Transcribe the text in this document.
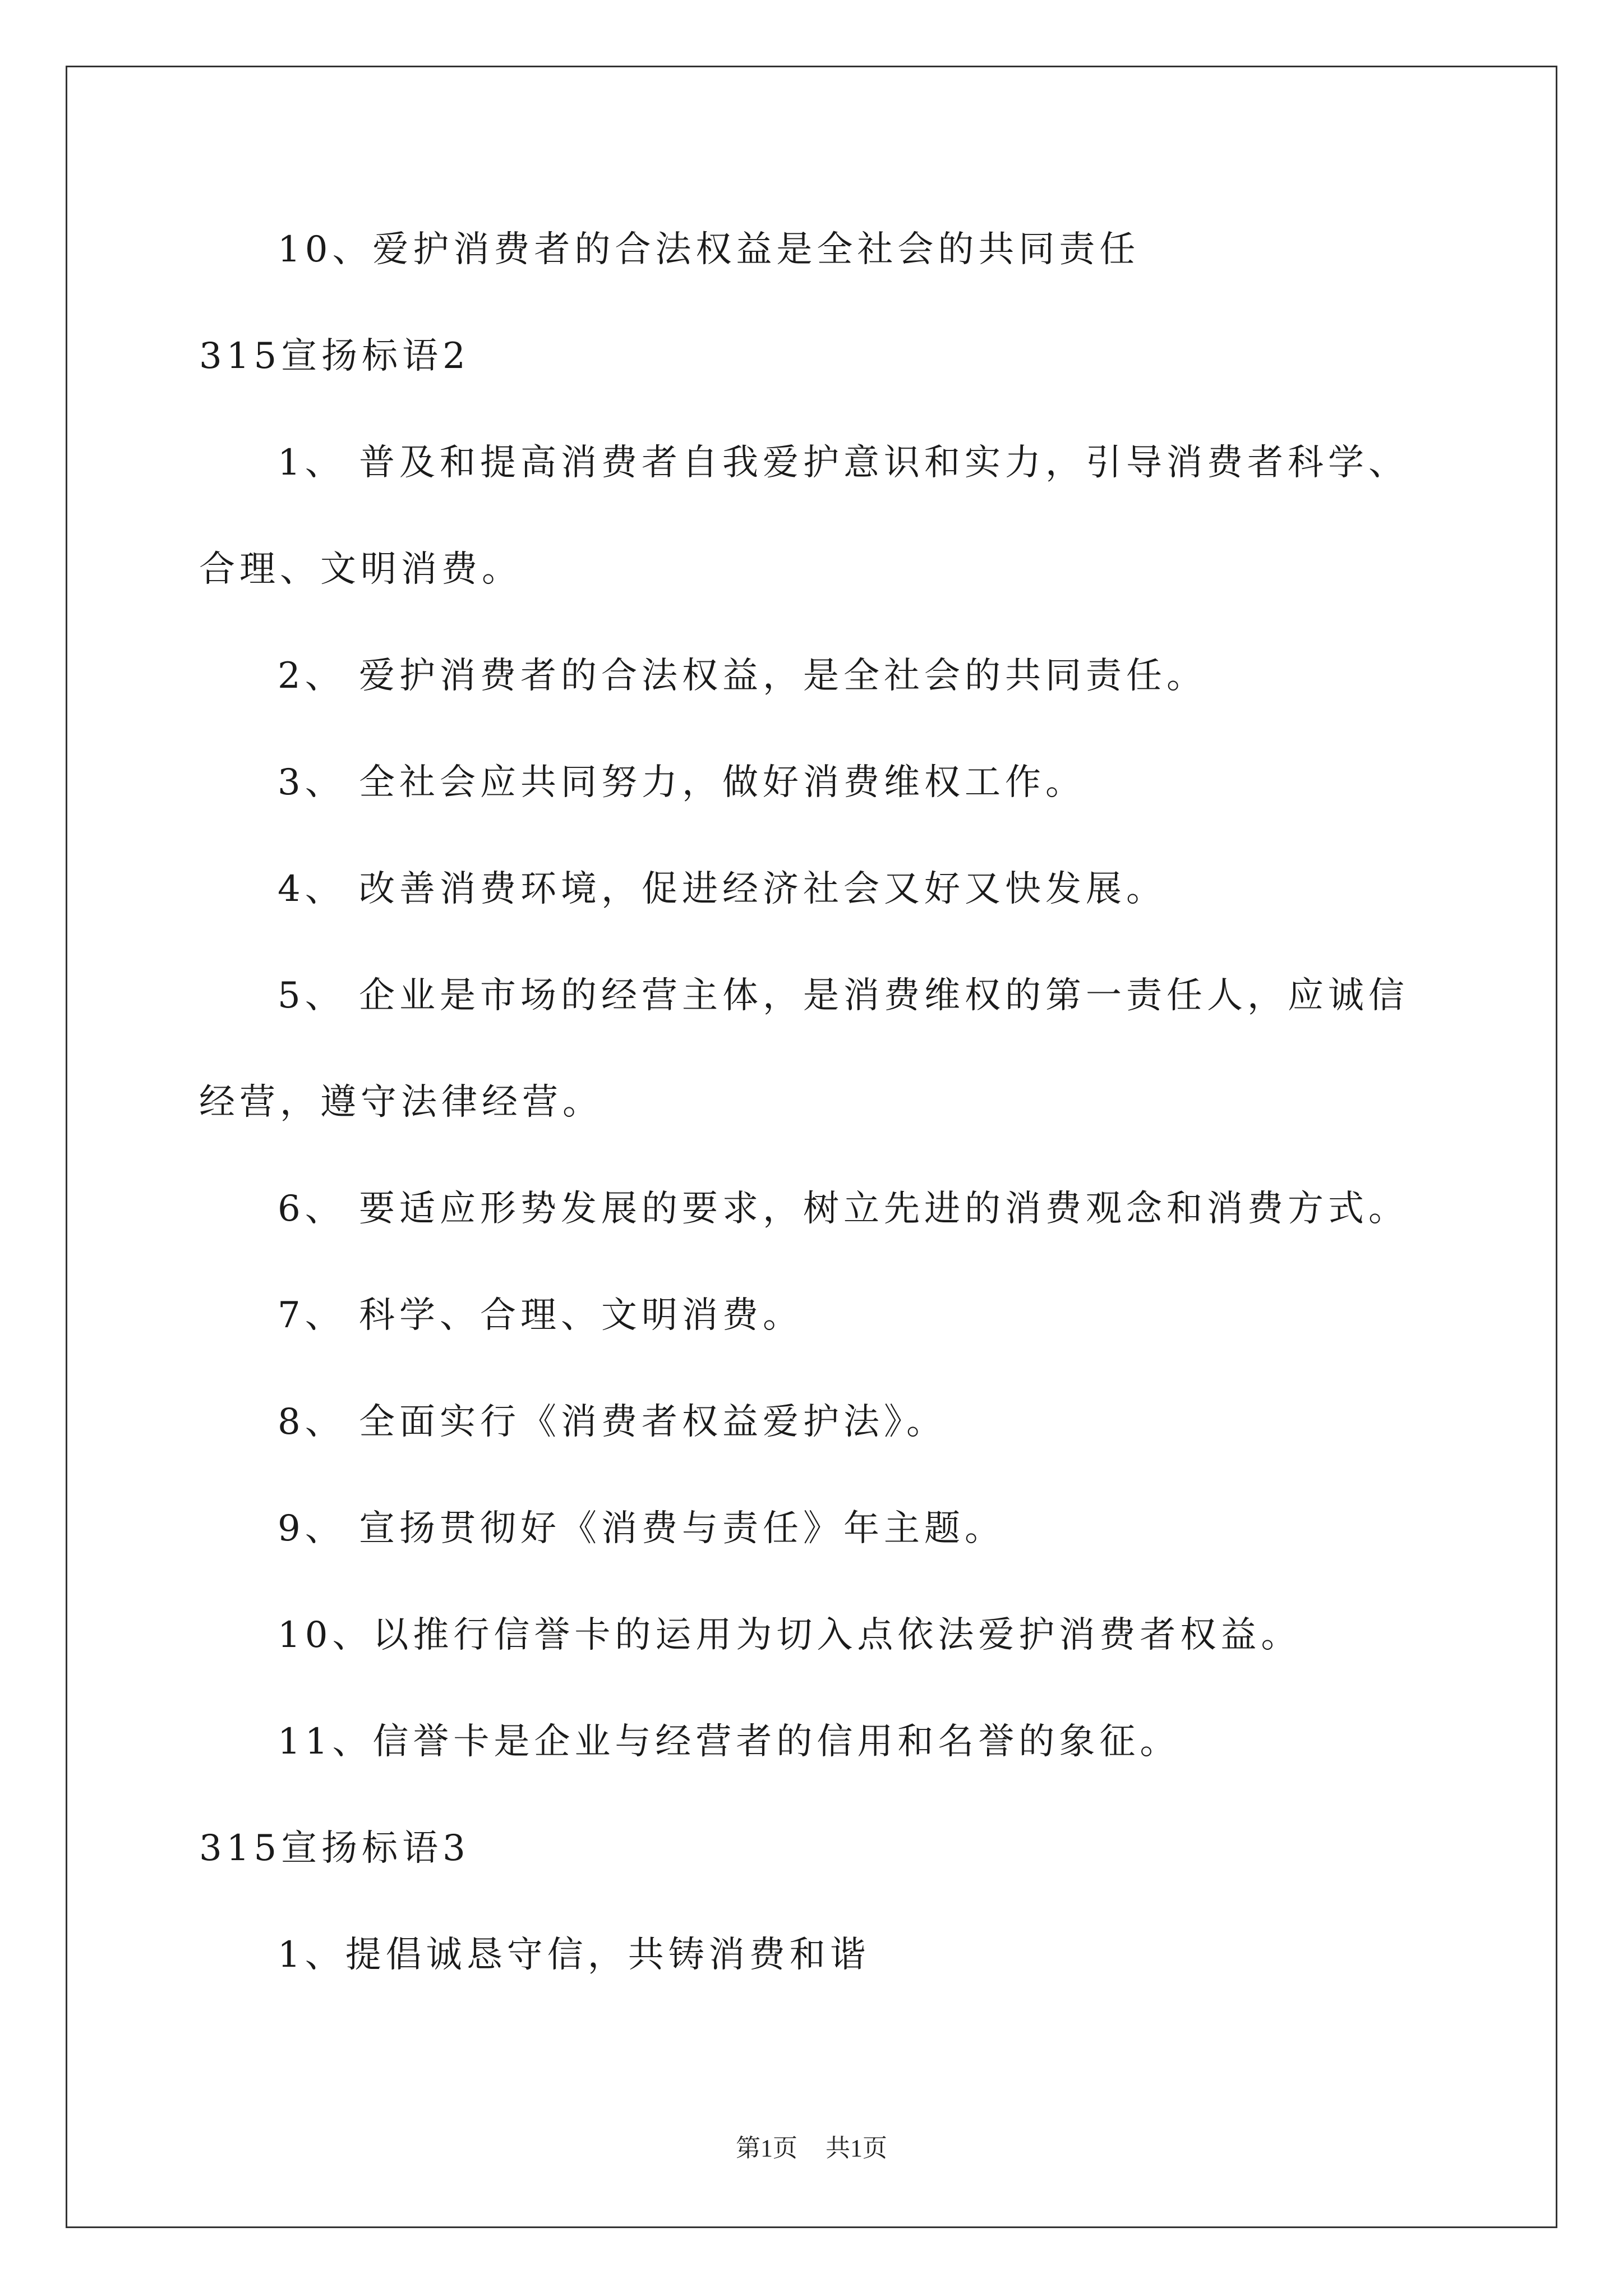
10、爱护消费者的合法权益是全社会的共同责任
315宣扬标语2
1、 普及和提高消费者自我爱护意识和实力，引导消费者科学、
合理、文明消费。
2、 爱护消费者的合法权益，是全社会的共同责任。
3、 全社会应共同努力，做好消费维权工作。
4、 改善消费环境，促进经济社会又好又快发展。
5、 企业是市场的经营主体，是消费维权的第一责任人，应诚信
经营，遵守法律经营。
6、 要适应形势发展的要求，树立先进的消费观念和消费方式。
7、 科学、合理、文明消费。
8、 全面实行《消费者权益爱护法》。
9、 宣扬贯彻好《消费与责任》年主题。
10、以推行信誉卡的运用为切入点依法爱护消费者权益。
11、信誉卡是企业与经营者的信用和名誉的象征。
315宣扬标语3
1、提倡诚恳守信，共铸消费和谐
第1页 共1页
